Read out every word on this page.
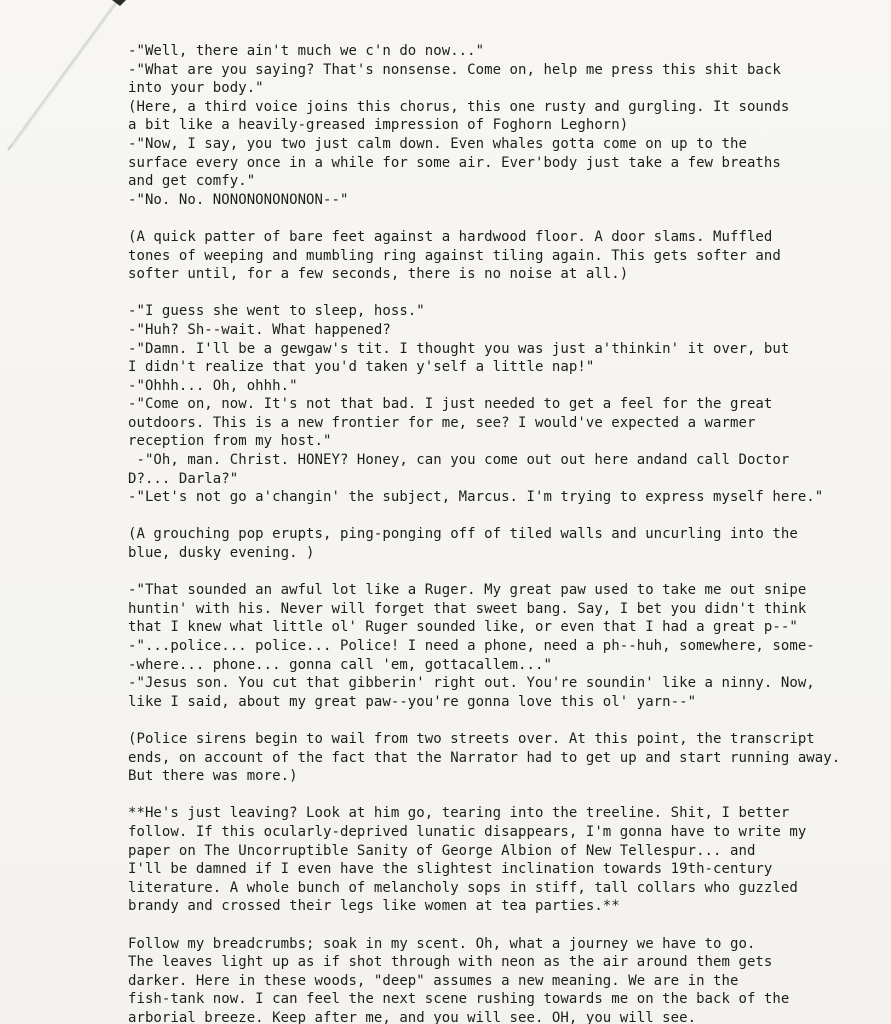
-"Well, there ain't much we c'n do now..."
-"What are you saying? That's nonsense. Come on, help me press this shit back
into your body."
(Here, a third voice joins this chorus, this one rusty and gurgling. It sounds
a bit like a heavily-greased impression of Foghorn Leghorn)
-"Now, I say, you two just calm down. Even whales gotta come on up to the
surface every once in a while for some air. Ever'body just take a few breaths
and get comfy."
-"No. No. NONONONONONON--"
(A quick patter of bare feet against a hardwood floor. A door slams. Muffled
tones of weeping and mumbling ring against tiling again. This gets softer and
softer until, for a few seconds, there is no noise at all.)
-"I guess she went to sleep, hoss."
-"Huh? Sh--wait. What happened?
-"Damn. I'll be a gewgaw's tit. I thought you was just a'thinkin' it over, but
I didn't realize that you'd taken y'self a little nap!"
-"Ohhh... Oh, ohhh."
-"Come on, now. It's not that bad. I just needed to get a feel for the great
outdoors. This is a new frontier for me, see? I would've expected a warmer
reception from my host."
-"Oh, man. Christ. HONEY? Honey, can you come out out here andand call Doctor
D?... Darla?"
-"Let's not go a'changin' the subject, Marcus. I'm trying to express myself here."
(A grouching pop erupts, ping-ponging off of tiled walls and uncurling into the
blue, dusky evening. )
-"That sounded an awful lot like a Ruger. My great paw used to take me out snipe
huntin' with his. Never will forget that sweet bang. Say, I bet you didn't think
that I knew what little ol' Ruger sounded like, or even that I had a great p--"
-"...police... police... Police! I need a phone, need a ph--huh, somewhere, some-
-where... phone... gonna call 'em, gottacallem..."
-"Jesus son. You cut that gibberin' right out. You're soundin' like a ninny. Now,
like I said, about my great paw--you're gonna love this ol' yarn--"
(Police sirens begin to wail from two streets over. At this point, the transcript
ends, on account of the fact that the Narrator had to get up and start running away.
But there was more.)
**He's just leaving? Look at him go, tearing into the treeline. Shit, I better
follow. If this ocularly-deprived lunatic disappears, I'm gonna have to write my
paper on The Uncorruptible Sanity of George Albion of New Tellespur... and
I'll be damned if I even have the slightest inclination towards 19th-century
literature. A whole bunch of melancholy sops in stiff, tall collars who guzzled
brandy and crossed their legs like women at tea parties.**
Follow my breadcrumbs; soak in my scent. Oh, what a journey we have to go.
The leaves light up as if shot through with neon as the air around them gets
darker. Here in these woods, "deep" assumes a new meaning. We are in the
fish-tank now. I can feel the next scene rushing towards me on the back of the
arborial breeze. Keep after me, and you will see. OH, you will see.
